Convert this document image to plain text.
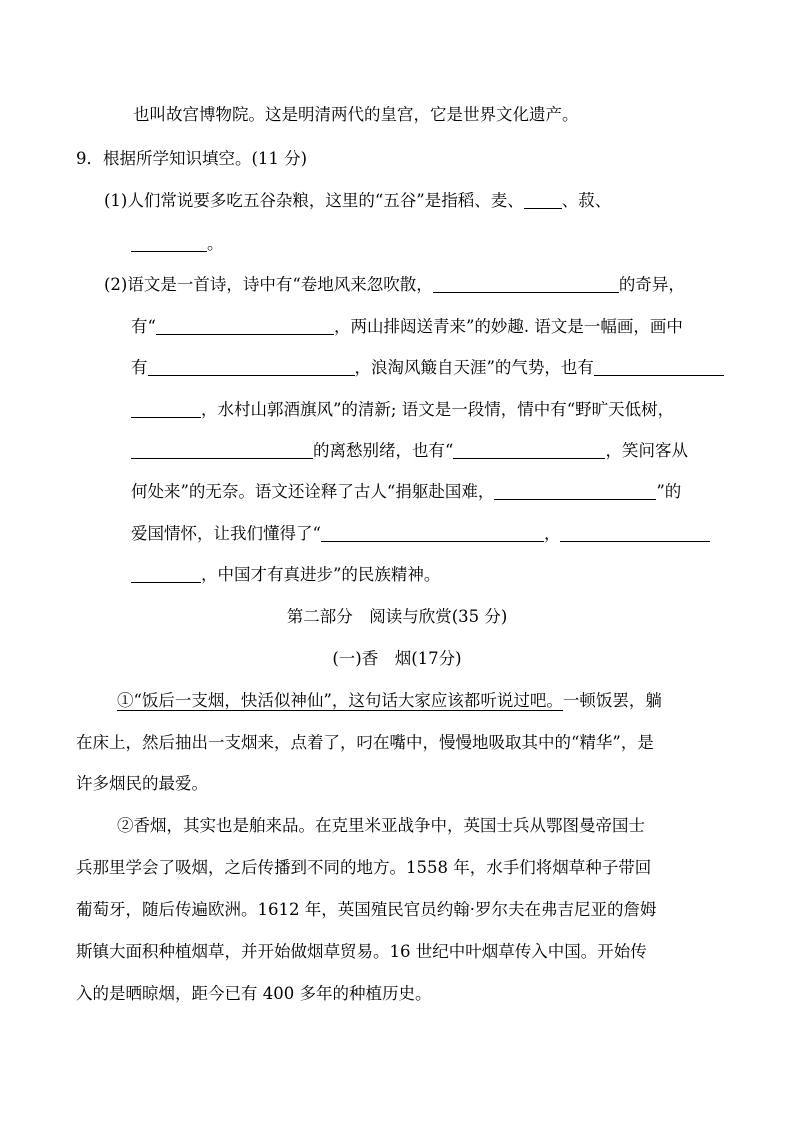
也叫故宫博物院。这是明清两代的皇宫，它是世界文化遗产。
9．根据所学知识填空。(11 分)
(1)人们常说要多吃五谷杂粮，这里的“五谷”是指稻、麦、 、菽、
。
(2)语文是一首诗，诗中有“卷地风来忽吹散，	的奇异，
有“	，两山排闼送青来”的妙趣. 语文是一幅画，画中
有	，浪淘风簸自天涯”的气势，也有
，水村山郭酒旗风”的清新; 语文是一段情，情中有“野旷天低树，
的离愁别绪，也有“	，笑问客从
何处来”的无奈。语文还诠释了古人“捐躯赴国难，	”的
爱国情怀，让我们懂得了“	，
，中国才有真进步”的民族精神。
第二部分　阅读与欣赏(35 分)
(一)香　烟(17分)
①“饭后一支烟，快活似神仙”，这句话大家应该都听说过吧。一顿饭罢，躺
在床上，然后抽出一支烟来，点着了，叼在嘴中，慢慢地吸取其中的“精华”，是
许多烟民的最爱。
②香烟，其实也是舶来品。在克里米亚战争中，英国士兵从鄂图曼帝国士
兵那里学会了吸烟，之后传播到不同的地方。1558 年，水手们将烟草种子带回
葡萄牙，随后传遍欧洲。1612 年，英国殖民官员约翰·罗尔夫在弗吉尼亚的詹姆
斯镇大面积种植烟草，并开始做烟草贸易。16 世纪中叶烟草传入中国。开始传
入的是晒晾烟，距今已有 400 多年的种植历史。
